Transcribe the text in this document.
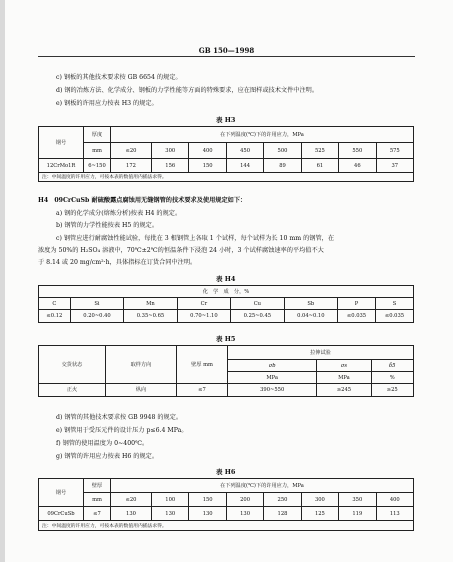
GB 150—1998
c) 钢板的其他技术要求按 GB 6654 的规定。
d) 钢的冶炼方法、化学成分、钢板的力学性能等方面的特殊要求，应在图样或技术文件中注明。
e) 钢板的许用应力按表 H3 的规定。
表 H3
钢号	厚度	在下列温度(℃)下的许用应力，MPa							
	mm	≤20	300	400	450	500	525	550	575
12CrMo1R	6~150	172	156	150	144	89	61	46	37
注：中间温度的许用应力，可按本表的数值用内插法求得。
H4　09CrCuSb 耐硫酸露点腐蚀用无缝钢管的技术要求及使用规定如下：
a) 钢的化学成分(熔炼分析)按表 H4 的规定。
b) 钢管的力学性能按表 H5 的规定。
c) 钢管应进行耐腐蚀性能试验，每批在 3 根钢管上各取 1 个试样，每个试样为长 10 mm 的钢管，在
浓度为 50%的 H₂SO₄ 溶液中，70℃±2℃的恒温条件下浸泡 24 小时，3 个试样腐蚀速率的平均值不大
于 8.14 或 20 mg/cm²·h，具体指标在订货合同中注明。
表 H4
化　学　成　分，%							
C	Si	Mn	Cr	Cu	Sb	P	S
≤0.12	0.20~0.40	0.35~0.65	0.70~1.10	0.25~0.45	0.04~0.10	≤0.035	≤0.035
表 H5
交货状态	取样方向	壁厚 mm	拉伸试验		
			σb	σs	δ5
			MPa	MPa	%
正火	纵向	≤7	390~550	≥245	≥25
d) 钢管的其他技术要求按 GB 9948 的规定。
e) 钢管用于受压元件的设计压力 p≤6.4 MPa。
f) 钢管的使用温度为 0~400℃。
g) 钢管的许用应力按表 H6 的规定。
表 H6
钢号	壁厚	在下列温度(℃)下的许用应力，MPa							
	mm	≤20	100	150	200	250	300	350	400
09CrCuSb	≤7	130	130	130	130	128	125	119	113
注：中间温度的许用应力，可按本表的数值用内插法求得。
